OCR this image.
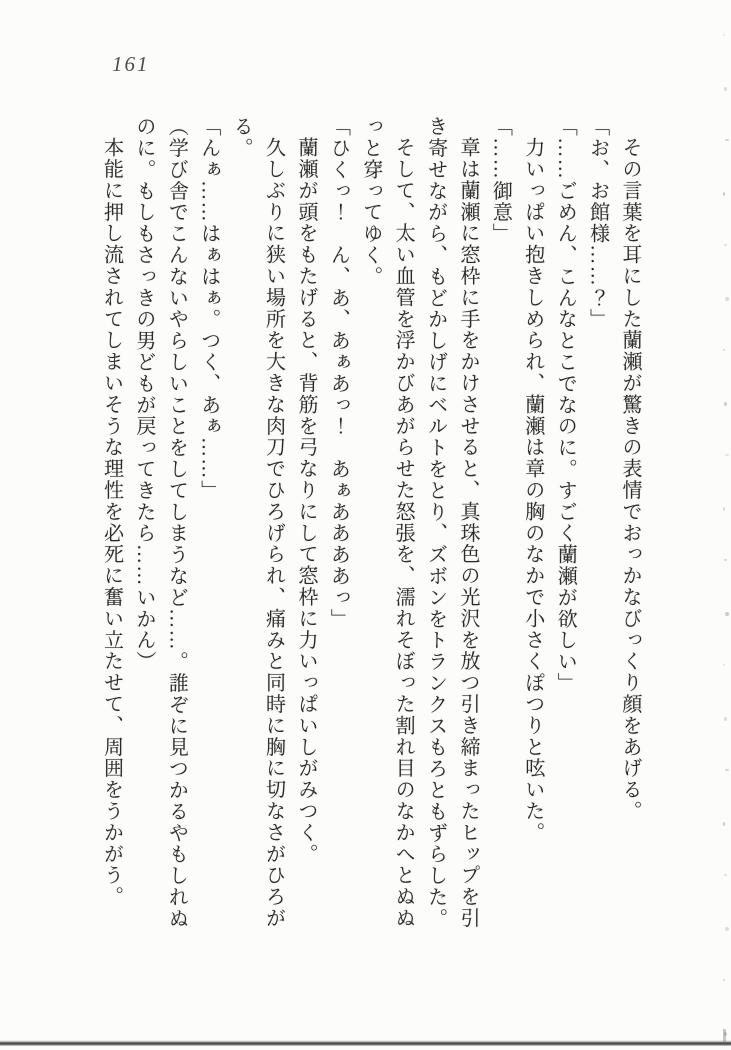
161
その言葉を耳にした蘭瀬が驚きの表情でおっかなびっくり顔をあげる。
「お、お館様……？」
「……ごめん、こんなとこでなのに。すごく蘭瀬が欲しい」
力いっぱい抱きしめられ、蘭瀬は章の胸のなかで小さくぽつりと呟いた。
「……御意」
章は蘭瀬に窓枠に手をかけさせると、真珠色の光沢を放つ引き締まったヒップを引
き寄せながら、もどかしげにベルトをとり、ズボンをトランクスもろともずらした。
そして、太い血管を浮かびあがらせた怒張を、濡れそぼった割れ目のなかへとぬぬ
っと穿ってゆく。
「ひくっ！　ん、あ、あぁあっ！　あぁああああっ」
蘭瀬が頭をもたげると、背筋を弓なりにして窓枠に力いっぱいしがみつく。
久しぶりに狭い場所を大きな肉刀でひろげられ、痛みと同時に胸に切なさがひろが
る。
「んぁ……はぁはぁ。つく、あぁ……」
（学び舎でこんないやらしいことをしてしまうなど……。誰ぞに見つかるやもしれぬ
のに。もしもさっきの男どもが戻ってきたら……いかん）
本能に押し流されてしまいそうな理性を必死に奮い立たせて、周囲をうかがう。
